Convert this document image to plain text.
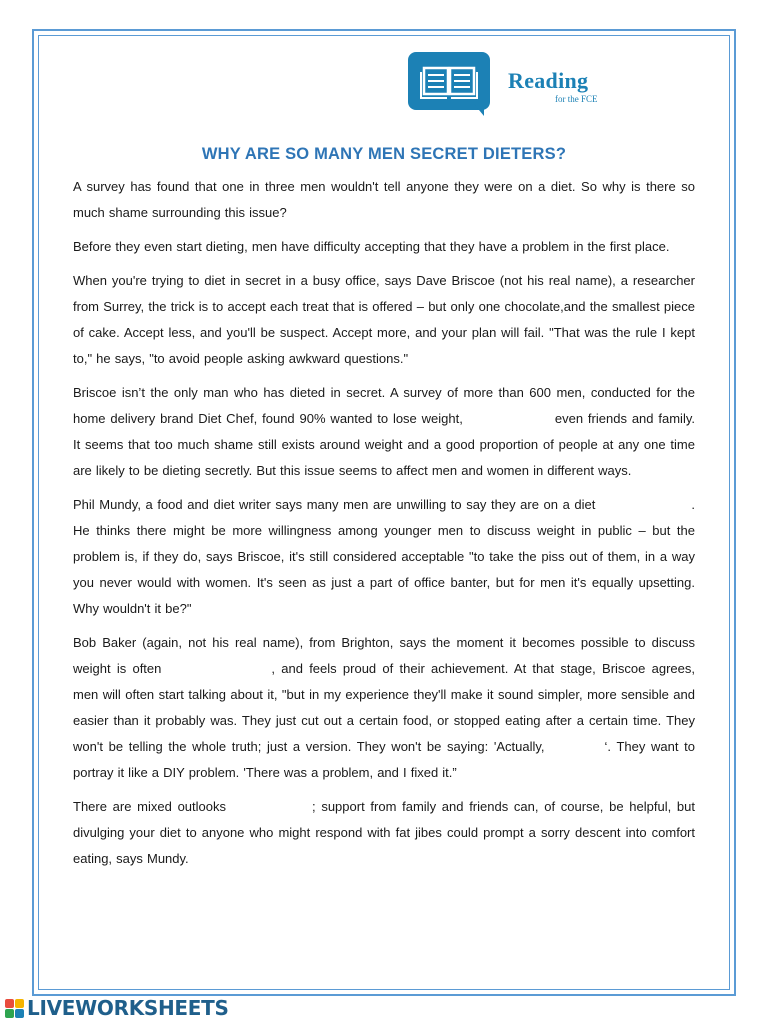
Reading
for the FCE
WHY ARE SO MANY MEN SECRET DIETERS?

A survey has found that one in three men wouldn't tell anyone they were on a diet. So why is there so much shame surrounding this issue?

Before they even start dieting, men have difficulty accepting that they have a problem in the first place.

When you're trying to diet in secret in a busy office, says Dave Briscoe (not his real name), a researcher from Surrey, the trick is to accept each treat that is offered – but only one chocolate,and the smallest piece of cake. Accept less, and you'll be suspect. Accept more, and your plan will fail. "That was the rule I kept to," he says, "to avoid people asking awkward questions."

Briscoe isn’t the only man who has dieted in secret. A survey of more than 600 men, conducted for the home delivery brand Diet Chef, found 90% wanted to lose weight,	even friends and family. It seems that too much shame still exists around weight and a good proportion of people at any one time are likely to be dieting secretly. But this issue seems to affect men and women in different ways.

Phil Mundy, a food and diet writer says many men are unwilling to say they are on a diet	. He thinks there might be more willingness among younger men to discuss weight in public – but the problem is, if they do, says Briscoe, it's still considered acceptable "to take the piss out of them, in a way you never would with women. It's seen as just a part of office banter, but for men it's equally upsetting. Why wouldn't it be?"

Bob Baker (again, not his real name), from Brighton, says the moment it becomes possible to discuss weight is often	, and feels proud of their achievement. At that stage, Briscoe agrees, men will often start talking about it, "but in my experience they'll make it sound simpler, more sensible and easier than it probably was. They just cut out a certain food, or stopped eating after a certain time. They won't be telling the whole truth; just a version. They won't be saying: 'Actually,	‘. They want to portray it like a DIY problem. 'There was a problem, and I fixed it.”

There are mixed outlooks	; support from family and friends can, of course, be helpful, but divulging your diet to anyone who might respond with fat jibes could prompt a sorry descent into comfort eating, says Mundy.

LIVEWORKSHEETS
